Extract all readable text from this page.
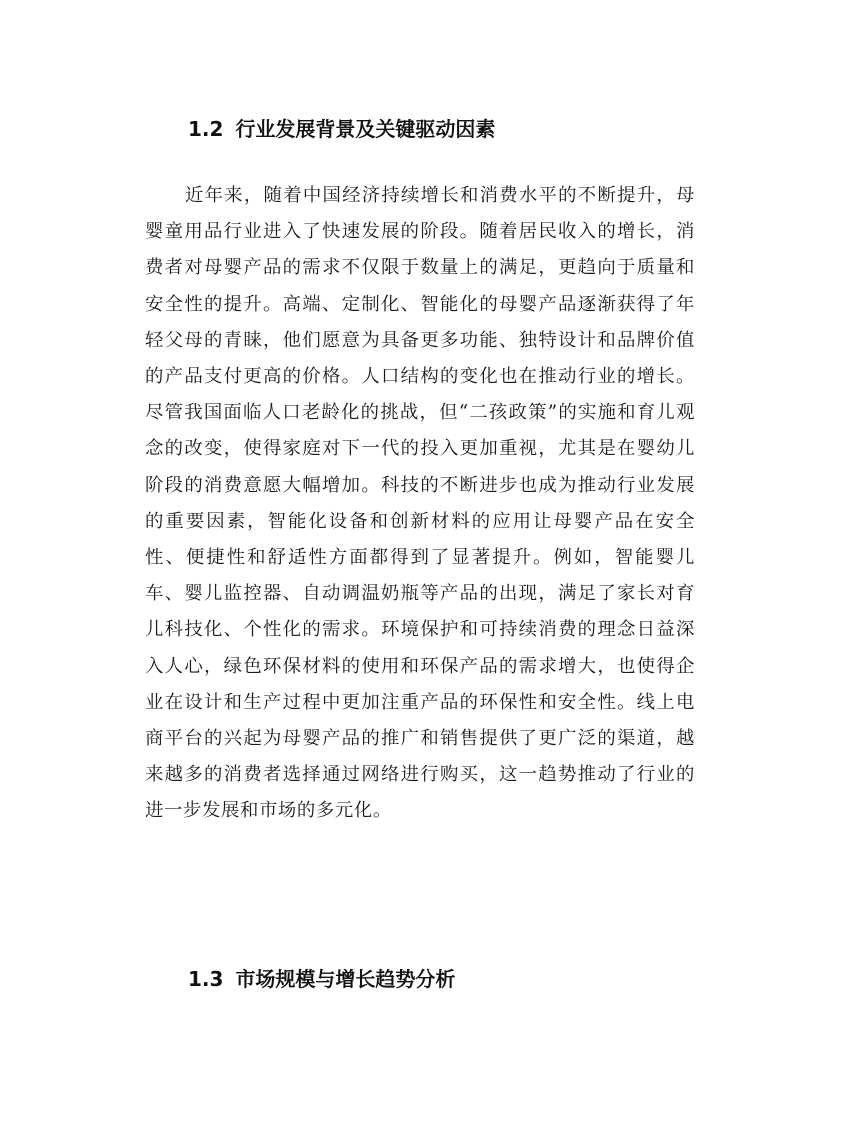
1.2 行业发展背景及关键驱动因素

近年来，随着中国经济持续增长和消费水平的不断提升，母婴童用品行业进入了快速发展的阶段。随着居民收入的增长，消费者对母婴产品的需求不仅限于数量上的满足，更趋向于质量和安全性的提升。高端、定制化、智能化的母婴产品逐渐获得了年轻父母的青睐，他们愿意为具备更多功能、独特设计和品牌价值的产品支付更高的价格。人口结构的变化也在推动行业的增长。尽管我国面临人口老龄化的挑战，但“二孩政策”的实施和育儿观念的改变，使得家庭对下一代的投入更加重视，尤其是在婴幼儿阶段的消费意愿大幅增加。科技的不断进步也成为推动行业发展的重要因素，智能化设备和创新材料的应用让母婴产品在安全性、便捷性和舒适性方面都得到了显著提升。例如，智能婴儿车、婴儿监控器、自动调温奶瓶等产品的出现，满足了家长对育儿科技化、个性化的需求。环境保护和可持续消费的理念日益深入人心，绿色环保材料的使用和环保产品的需求增大，也使得企业在设计和生产过程中更加注重产品的环保性和安全性。线上电商平台的兴起为母婴产品的推广和销售提供了更广泛的渠道，越来越多的消费者选择通过网络进行购买，这一趋势推动了行业的进一步发展和市场的多元化。

1.3 市场规模与增长趋势分析
